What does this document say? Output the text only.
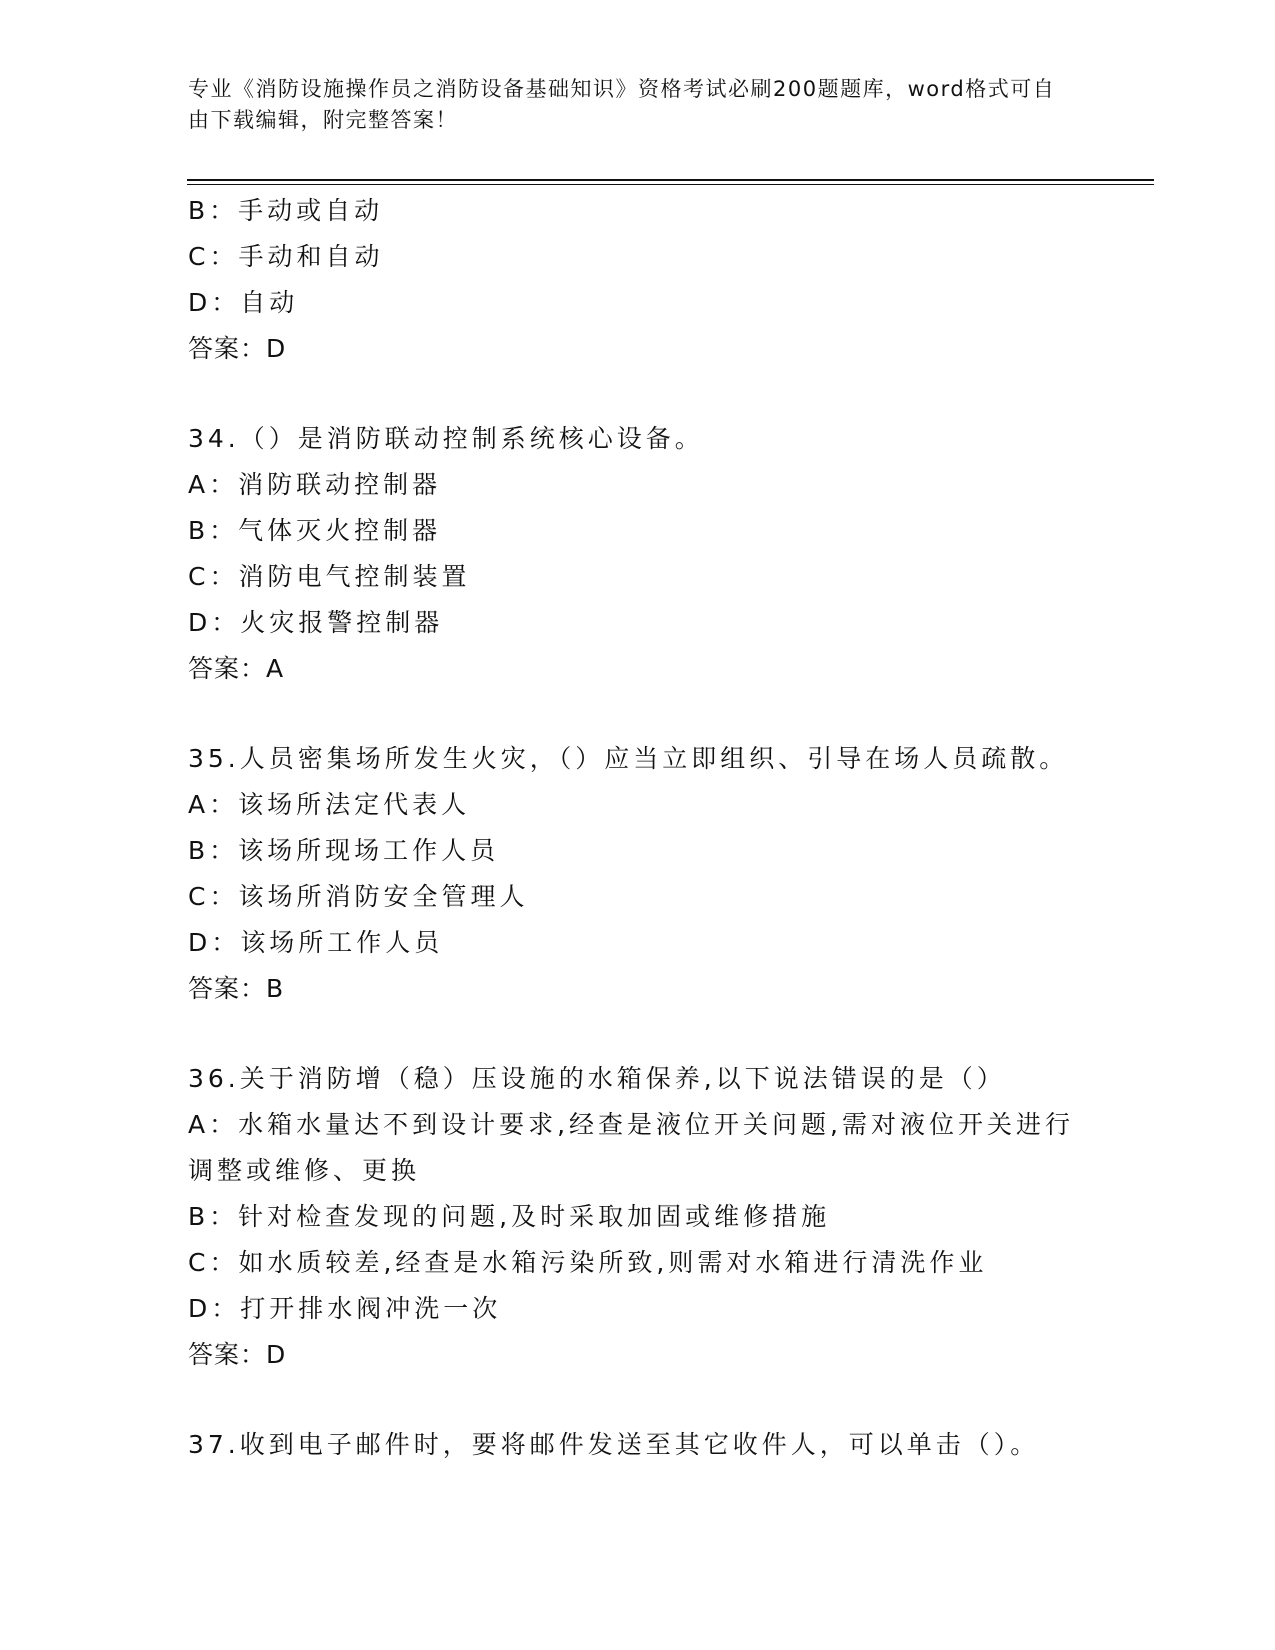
专业《消防设施操作员之消防设备基础知识》资格考试必刷200题题库，word格式可自由下载编辑，附完整答案！
B：手动或自动
C：手动和自动
D：自动
答案：D
34.（）是消防联动控制系统核心设备。
A：消防联动控制器
B：气体灭火控制器
C：消防电气控制装置
D：火灾报警控制器
答案：A
35.人员密集场所发生火灾，（）应当立即组织、引导在场人员疏散。
A：该场所法定代表人
B：该场所现场工作人员
C：该场所消防安全管理人
D：该场所工作人员
答案：B
36.关于消防增（稳）压设施的水箱保养,以下说法错误的是（）
A：水箱水量达不到设计要求,经查是液位开关问题,需对液位开关进行调整或维修、更换
B：针对检查发现的问题,及时采取加固或维修措施
C：如水质较差,经查是水箱污染所致,则需对水箱进行清洗作业
D：打开排水阀冲洗一次
答案：D
37.收到电子邮件时，要将邮件发送至其它收件人，可以单击（）。
